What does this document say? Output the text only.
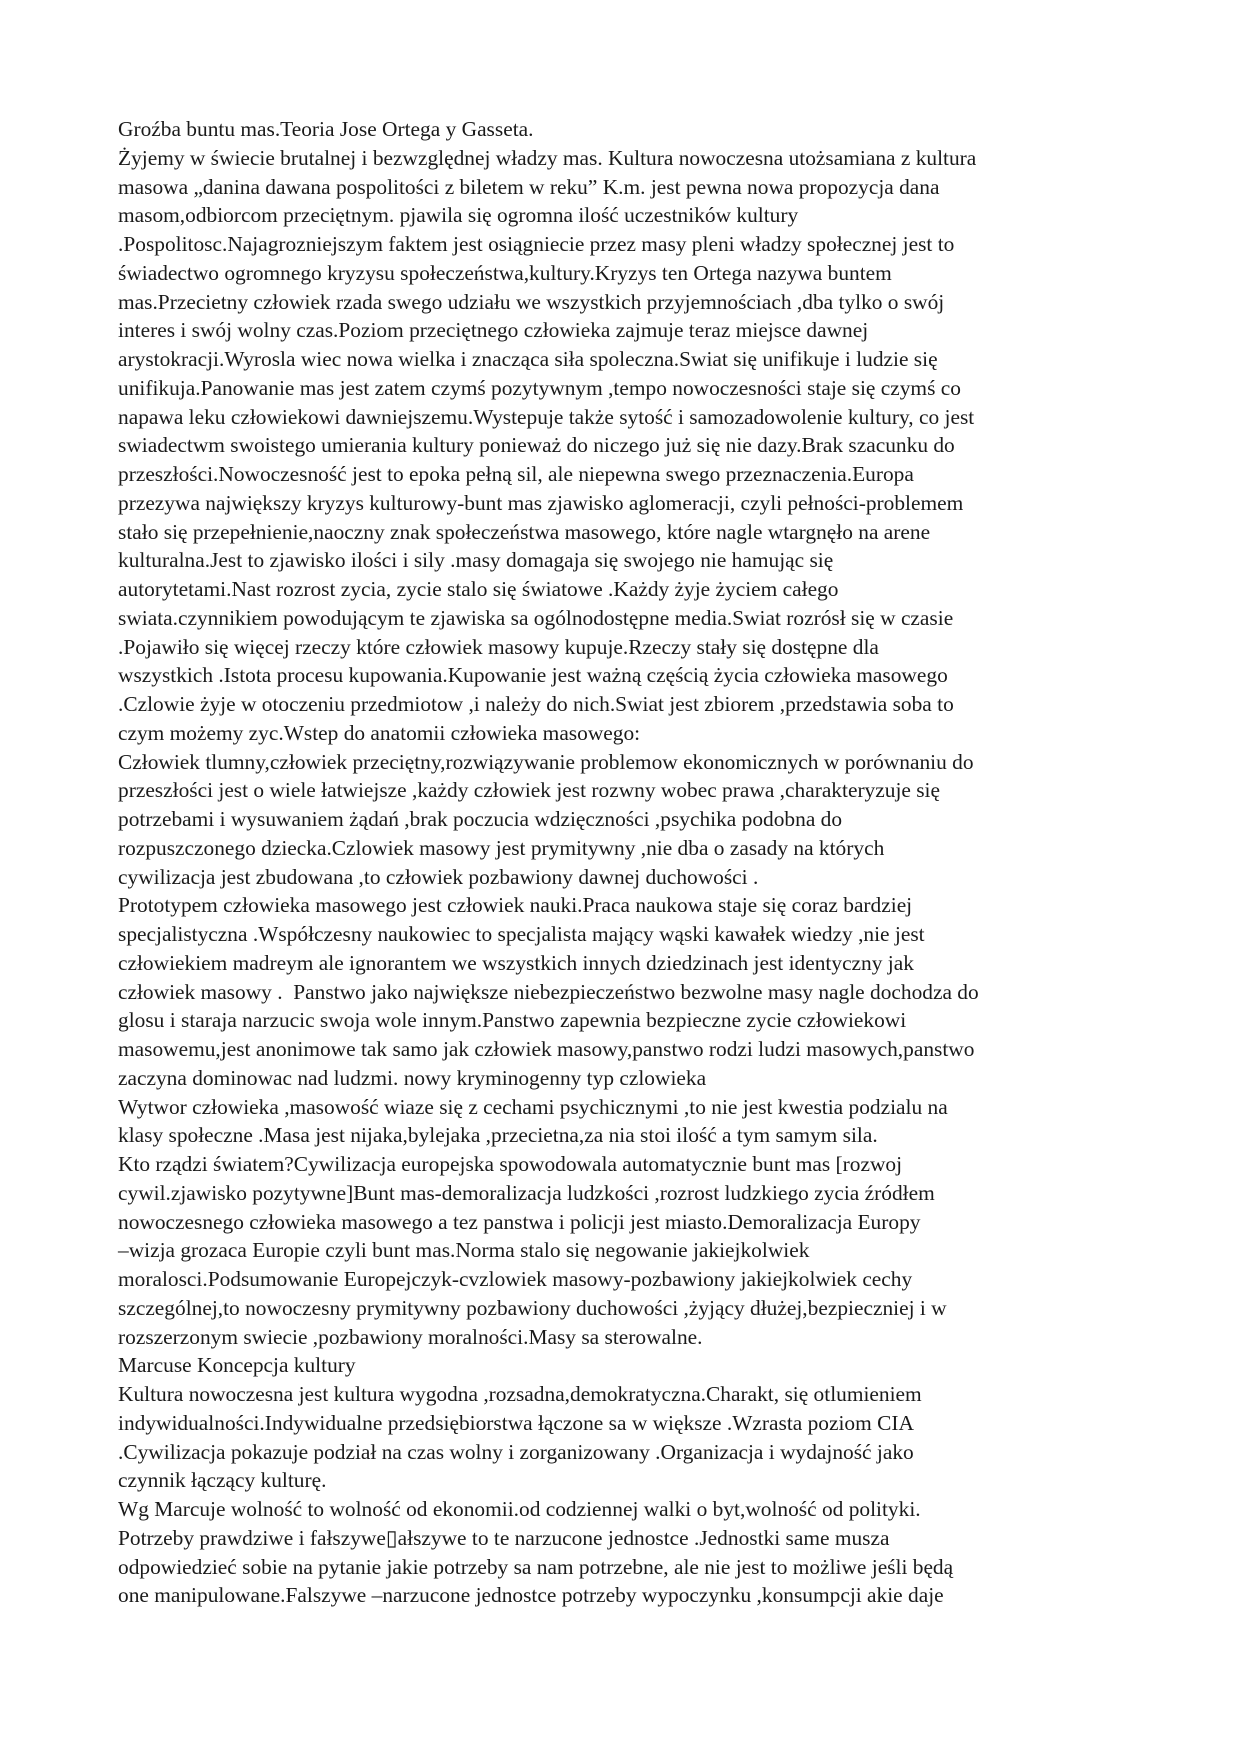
Groźba buntu mas.Teoria Jose Ortega y Gasseta.
Żyjemy w świecie brutalnej i bezwzględnej władzy mas. Kultura nowoczesna utożsamiana z kultura
masowa „danina dawana pospolitości z biletem w reku” K.m. jest pewna nowa propozycja dana
masom,odbiorcom przeciętnym. pjawila się ogromna ilość uczestników kultury
.Pospolitosc.Najagrozniejszym faktem jest osiągniecie przez masy pleni władzy społecznej jest to
świadectwo ogromnego kryzysu społeczeństwa,kultury.Kryzys ten Ortega nazywa buntem
mas.Przecietny człowiek rzada swego udziału we wszystkich przyjemnościach ,dba tylko o swój
interes i swój wolny czas.Poziom przeciętnego człowieka zajmuje teraz miejsce dawnej
arystokracji.Wyrosla wiec nowa wielka i znacząca siła spoleczna.Swiat się unifikuje i ludzie się
unifikuja.Panowanie mas jest zatem czymś pozytywnym ,tempo nowoczesności staje się czymś co
napawa leku człowiekowi dawniejszemu.Wystepuje także sytość i samozadowolenie kultury, co jest
swiadectwm swoistego umierania kultury ponieważ do niczego już się nie dazy.Brak szacunku do
przeszłości.Nowoczesność jest to epoka pełną sil, ale niepewna swego przeznaczenia.Europa
przezywa największy kryzys kulturowy-bunt mas zjawisko aglomeracji, czyli pełności-problemem
stało się przepełnienie,naoczny znak społeczeństwa masowego, które nagle wtargnęło na arene
kulturalna.Jest to zjawisko ilości i sily .masy domagaja się swojego nie hamując się
autorytetami.Nast rozrost zycia, zycie stalo się światowe .Każdy żyje życiem całego
swiata.czynnikiem powodującym te zjawiska sa ogólnodostępne media.Swiat rozrósł się w czasie
.Pojawiło się więcej rzeczy które człowiek masowy kupuje.Rzeczy stały się dostępne dla
wszystkich .Istota procesu kupowania.Kupowanie jest ważną częścią życia człowieka masowego
.Czlowie żyje w otoczeniu przedmiotow ,i należy do nich.Swiat jest zbiorem ,przedstawia soba to
czym możemy zyc.Wstep do anatomii człowieka masowego:
Człowiek tlumny,człowiek przeciętny,rozwiązywanie problemow ekonomicznych w porównaniu do
przeszłości jest o wiele łatwiejsze ,każdy człowiek jest rozwny wobec prawa ,charakteryzuje się
potrzebami i wysuwaniem żądań ,brak poczucia wdzięczności ,psychika podobna do
rozpuszczonego dziecka.Czlowiek masowy jest prymitywny ,nie dba o zasady na których
cywilizacja jest zbudowana ,to człowiek pozbawiony dawnej duchowości .
Prototypem człowieka masowego jest człowiek nauki.Praca naukowa staje się coraz bardziej
specjalistyczna .Współczesny naukowiec to specjalista mający wąski kawałek wiedzy ,nie jest
człowiekiem madreym ale ignorantem we wszystkich innych dziedzinach jest identyczny jak
człowiek masowy .  Panstwo jako największe niebezpieczeństwo bezwolne masy nagle dochodza do
glosu i staraja narzucic swoja wole innym.Panstwo zapewnia bezpieczne zycie człowiekowi
masowemu,jest anonimowe tak samo jak człowiek masowy,panstwo rodzi ludzi masowych,panstwo
zaczyna dominowac nad ludzmi. nowy kryminogenny typ czlowieka
Wytwor człowieka ,masowość wiaze się z cechami psychicznymi ,to nie jest kwestia podzialu na
klasy społeczne .Masa jest nijaka,bylejaka ,przecietna,za nia stoi ilość a tym samym sila.
Kto rządzi światem?Cywilizacja europejska spowodowala automatycznie bunt mas [rozwoj
cywil.zjawisko pozytywne]Bunt mas-demoralizacja ludzkości ,rozrost ludzkiego zycia źródłem
nowoczesnego człowieka masowego a tez panstwa i policji jest miasto.Demoralizacja Europy
–wizja grozaca Europie czyli bunt mas.Norma stalo się negowanie jakiejkolwiek
moralosci.Podsumowanie Europejczyk-cvzlowiek masowy-pozbawiony jakiejkolwiek cechy
szczególnej,to nowoczesny prymitywny pozbawiony duchowości ,żyjący dłużej,bezpieczniej i w
rozszerzonym swiecie ,pozbawiony moralności.Masy sa sterowalne.
Marcuse Koncepcja kultury
Kultura nowoczesna jest kultura wygodna ,rozsadna,demokratyczna.Charakt, się otlumieniem
indywidualności.Indywidualne przedsiębiorstwa łączone sa w większe .Wzrasta poziom CIA
.Cywilizacja pokazuje podział na czas wolny i zorganizowany .Organizacja i wydajność jako
czynnik łączący kulturę.
Wg Marcuje wolność to wolność od ekonomii.od codziennej walki o byt,wolność od polityki.
Potrzeby prawdziwe i fałszywe▯ałszywe to te narzucone jednostce .Jednostki same musza
odpowiedzieć sobie na pytanie jakie potrzeby sa nam potrzebne, ale nie jest to możliwe jeśli będą
one manipulowane.Falszywe –narzucone jednostce potrzeby wypoczynku ,konsumpcji akie daje
